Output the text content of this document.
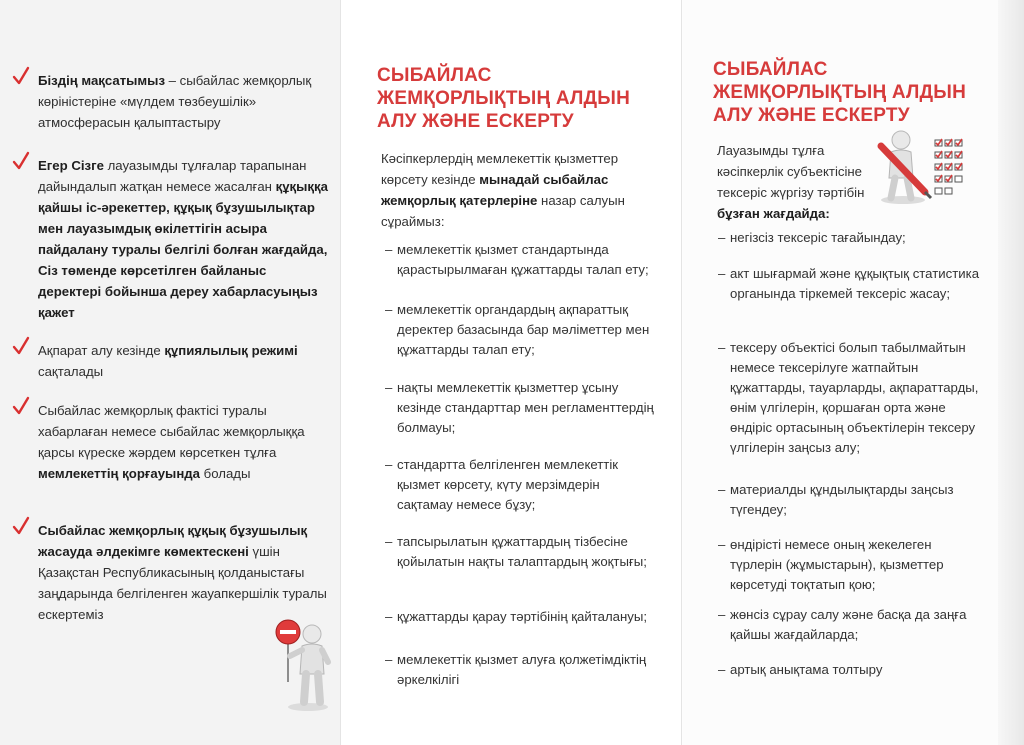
Біздің мақсатымыз – сыбайлас жемқорлық көріністеріне «мүлдем төзбеушілік» атмосферасын қалыптастыру
Егер Сізге лауазымды тұлғалар тарапынан дайындалып жатқан немесе жасалған құқыққа қайшы іс-әрекеттер, құқық бұзушылықтар мен лауазымдық өкілеттігін асыра пайдалану туралы белгілі болған жағдайда, Сіз төменде көрсетілген байланыс деректері бойынша дереу хабарласуыңыз қажет
Ақпарат алу кезінде құпиялылық режимі сақталады
Сыбайлас жемқорлық фактісі туралы хабарлаған немесе сыбайлас жемқорлыққа қарсы күреске жәрдем көрсеткен тұлға мемлекеттің қорғауында болады
Сыбайлас жемқорлық құқық бұзушылық жасауда әлдекімге көмектескені үшін Қазақстан Республикасының қолданыстағы заңдарында белгіленген жауапкершілік туралы ескертеміз
СЫБАЙЛАС
ЖЕМҚОРЛЫҚТЫҢ АЛДЫН
АЛУ ЖӘНЕ ЕСКЕРТУ
Кәсіпкерлердің мемлекеттік қызметтер көрсету кезінде мынадай сыбайлас жемқорлық қатерлеріне назар салуын сұраймыз:
– мемлекеттік қызмет стандартында қарастырылмаған құжаттарды талап ету;
– мемлекеттік органдардың ақпараттық деректер базасында бар мәліметтер мен құжаттарды талап ету;
– нақты мемлекеттік қызметтер ұсыну кезінде стандарттар мен регламенттердің болмауы;
– стандартта белгіленген мемлекеттік қызмет көрсету, күту мерзімдерін сақтамау немесе бұзу;
– тапсырылатын құжаттардың тізбесіне қойылатын нақты талаптардың жоқтығы;
– құжаттарды қарау тәртібінің қайталануы;
– мемлекеттік қызмет алуға қолжетімдіктің әркелкілігі
СЫБАЙЛАС
ЖЕМҚОРЛЫҚТЫҢ АЛДЫН
АЛУ ЖӘНЕ ЕСКЕРТУ
Лауазымды тұлға кәсіпкерлік субъектісіне тексеріс жүргізу тәртібін бұзған жағдайда:
– негізсіз тексеріс тағайындау;
– акт шығармай және құқықтық статистика органында тіркемей тексеріс жасау;
– тексеру объектісі болып табылмайтын немесе тексерілуге жатпайтын құжаттарды, тауарларды, ақпараттарды, өнім үлгілерін, қоршаған орта және өндіріс ортасының объектілерін тексеру үлгілерін заңсыз алу;
– материалды құндылықтарды заңсыз түгендеу;
– өндірісті немесе оның жекелеген түрлерін (жұмыстарын), қызметтер көрсетуді тоқтатып қою;
– жөнсіз сұрау салу және басқа да заңға қайшы жағдайларда;
– артық анықтама толтыру
